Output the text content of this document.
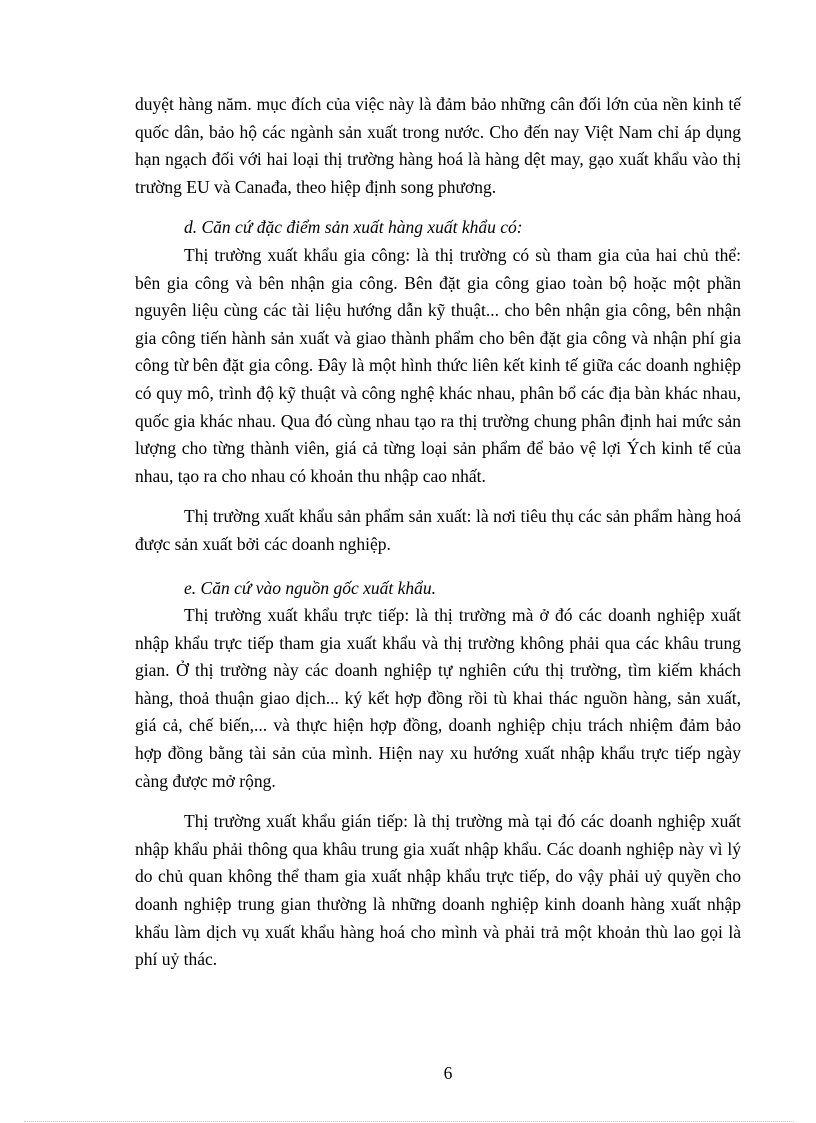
duyệt hàng năm. mục đích của việc này là đảm bảo những cân đối lớn của nền kinh tế quốc dân, bảo hộ các ngành sản xuất trong nước. Cho đến nay Việt Nam chỉ áp dụng hạn ngạch đối với hai loại thị trường hàng hoá là hàng dệt may, gạo xuất khẩu vào thị trường EU và Canađa, theo hiệp định song phương.

d. Căn cứ đặc điểm sản xuất hàng xuất khẩu có:

Thị trường xuất khẩu gia công: là thị trường có sù tham gia của hai chủ thể: bên gia công và bên nhận gia công. Bên đặt gia công giao toàn bộ hoặc một phần nguyên liệu cùng các tài liệu hướng dẫn kỹ thuật... cho bên nhận gia công, bên nhận gia công tiến hành sản xuất và giao thành phẩm cho bên đặt gia công và nhận phí gia công từ bên đặt gia công. Đây là một hình thức liên kết kinh tế giữa các doanh nghiệp có quy mô, trình độ kỹ thuật và công nghệ khác nhau, phân bổ các địa bàn khác nhau, quốc gia khác nhau. Qua đó cùng nhau tạo ra thị trường chung phân định hai mức sản lượng cho từng thành viên, giá cả từng loại sản phẩm để bảo vệ lợi Ých kinh tế của nhau, tạo ra cho nhau có khoản thu nhập cao nhất.

Thị trường xuất khẩu sản phẩm sản xuất: là nơi tiêu thụ các sản phẩm hàng hoá được sản xuất bởi các doanh nghiệp.

e. Căn cứ vào nguồn gốc xuất khẩu.

Thị trường xuất khẩu trực tiếp: là thị trường mà ở đó các doanh nghiệp xuất nhập khẩu trực tiếp tham gia xuất khẩu và thị trường không phải qua các khâu trung gian. Ở thị trường này các doanh nghiệp tự nghiên cứu thị trường, tìm kiếm khách hàng, thoả thuận giao dịch... ký kết hợp đồng rồi tù khai thác nguồn hàng, sản xuất, giá cả, chế biến,... và thực hiện hợp đồng, doanh nghiệp chịu trách nhiệm đảm bảo hợp đồng bằng tài sản của mình. Hiện nay xu hướng xuất nhập khẩu trực tiếp ngày càng được mở rộng.

Thị trường xuất khẩu gián tiếp: là thị trường mà tại đó các doanh nghiệp xuất nhập khẩu phải thông qua khâu trung gia xuất nhập khẩu. Các doanh nghiệp này vì lý do chủ quan không thể tham gia xuất nhập khẩu trực tiếp, do vậy phải uỷ quyền cho doanh nghiệp trung gian thường là những doanh nghiệp kinh doanh hàng xuất nhập khẩu làm dịch vụ xuất khẩu hàng hoá cho mình và phải trả một khoản thù lao gọi là phí uỷ thác.

6
